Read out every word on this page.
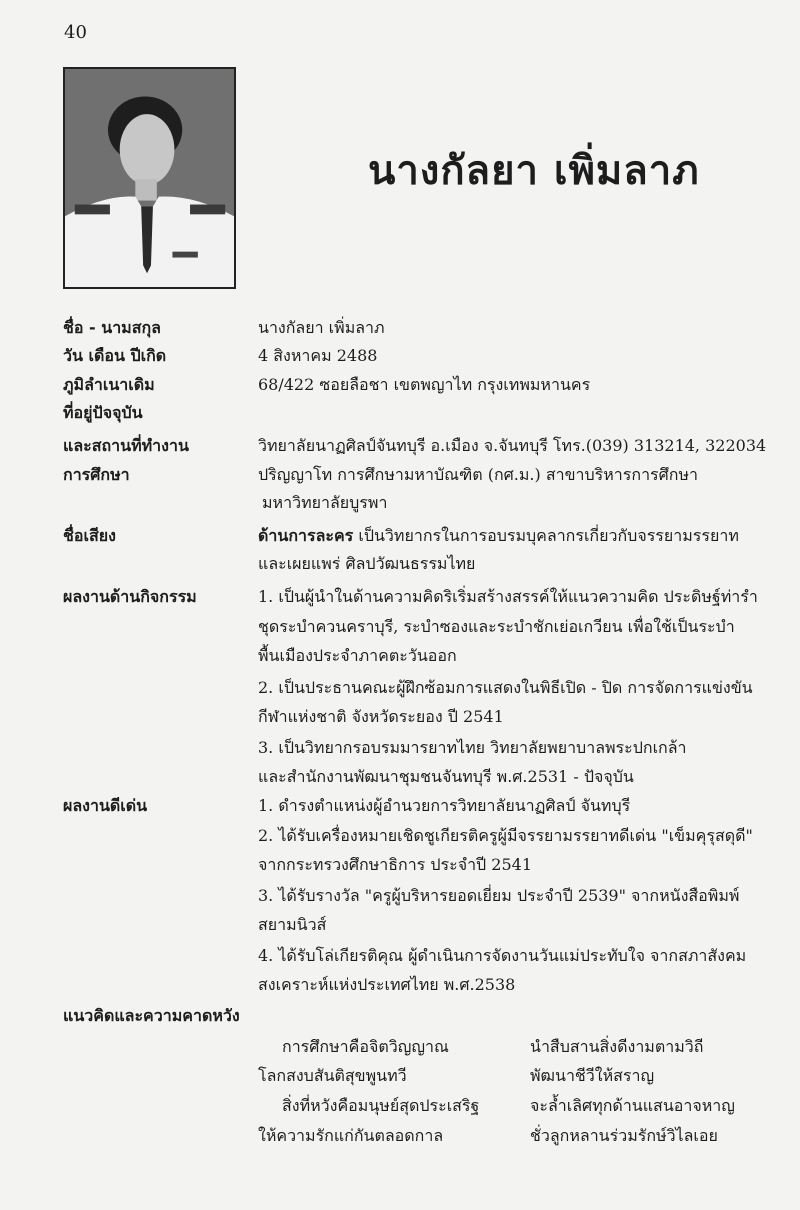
40
นางกัลยา เพิ่มลาภ
ชื่อ - นามสกุล	นางกัลยา เพิ่มลาภ
วัน เดือน ปีเกิด	4 สิงหาคม 2488
ภูมิลำเนาเดิม	68/422 ซอยลือชา เขตพญาไท กรุงเทพมหานคร
ที่อยู่ปัจจุบัน
และสถานที่ทำงาน	วิทยาลัยนาฏศิลป์จันทบุรี อ.เมือง จ.จันทบุรี โทร.(039) 313214, 322034
การศึกษา	ปริญญาโท การศึกษามหาบัณฑิต (กศ.ม.) สาขาบริหารการศึกษา
มหาวิทยาลัยบูรพา
ชื่อเสียง	ด้านการละคร เป็นวิทยากรในการอบรมบุคลากรเกี่ยวกับจรรยามรรยาท
และเผยแพร่ ศิลปวัฒนธรรมไทย
ผลงานด้านกิจกรรม	1. เป็นผู้นำในด้านความคิดริเริ่มสร้างสรรค์ให้แนวความคิด ประดิษฐ์ท่ารำ
ชุดระบำควนคราบุรี, ระบำซองและระบำชักเย่อเกวียน เพื่อใช้เป็นระบำ
พื้นเมืองประจำภาคตะวันออก
2. เป็นประธานคณะผู้ฝึกซ้อมการแสดงในพิธีเปิด - ปิด การจัดการแข่งขัน
กีฬาแห่งชาติ จังหวัดระยอง ปี 2541
3. เป็นวิทยากรอบรมมารยาทไทย วิทยาลัยพยาบาลพระปกเกล้า
และสำนักงานพัฒนาชุมชนจันทบุรี พ.ศ.2531 - ปัจจุบัน
ผลงานดีเด่น	1. ดำรงตำแหน่งผู้อำนวยการวิทยาลัยนาฏศิลป์ จันทบุรี
2. ได้รับเครื่องหมายเชิดชูเกียรติครูผู้มีจรรยามรรยาทดีเด่น "เข็มคุรุสดุดี"
จากกระทรวงศึกษาธิการ ประจำปี 2541
3. ได้รับรางวัล "ครูผู้บริหารยอดเยี่ยม ประจำปี 2539" จากหนังสือพิมพ์
สยามนิวส์
4. ได้รับโล่เกียรติคุณ ผู้ดำเนินการจัดงานวันแม่ประทับใจ จากสภาสังคม
สงเคราะห์แห่งประเทศไทย พ.ศ.2538
แนวคิดและความคาดหวัง
การศึกษาคือจิตวิญญาณ	นำสืบสานสิ่งดีงามตามวิถี
โลกสงบสันติสุขพูนทวี	พัฒนาชีวีให้สราญ
สิ่งที่หวังคือมนุษย์สุดประเสริฐ	จะล้ำเลิศทุกด้านแสนอาจหาญ
ให้ความรักแก่กันตลอดกาล	ชั่วลูกหลานร่วมรักษ์วิไลเอย
